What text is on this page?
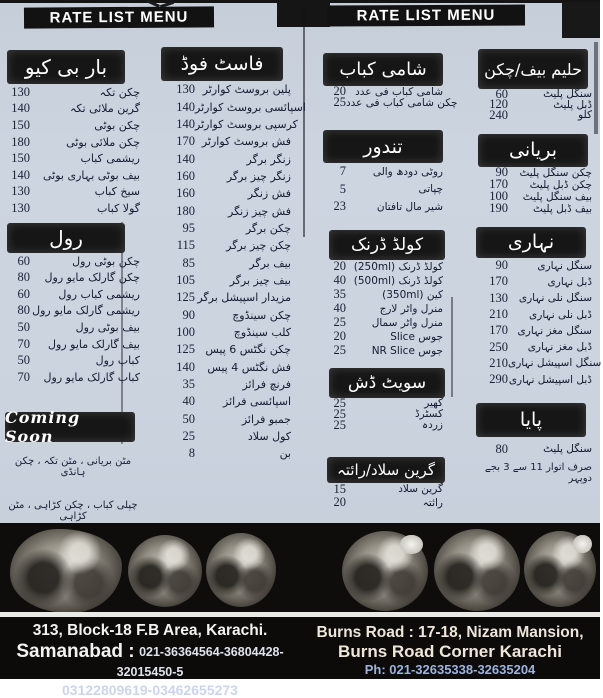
RATE LIST MENU	RATE LIST MENU
بار بی کیو
130	چکن تکہ
140	گرین ملائی تکہ
150	چکن بوٹی
180	چکن ملائی بوٹی
150	ریشمی کباب
140	بیف بوٹی بہاری بوٹی
130	سیخ کباب
130	گولا کباب
رول
60	چکن بوٹی رول
80	چکن گارلک مایو رول
60	ریشمی کباب رول
80 ریشمی گارلک مایو رول
50	بیف بوٹی رول
70	بیف گارلک مایو رول
50	کباب رول
70	کباب گارلک مایو رول
Coming Soon
مٹن بریانی ، مٹن تکہ ، چکن ہانڈی
چپلی کباب ، چکن کڑاہی ، مٹن کڑاہی
فاسٹ فوڈ
130 پلین بروسٹ کوارٹر
140 اسپائسی بروسٹ کوارٹر
140 کرسپی بروسٹ کوارٹر
170 فش بروسٹ کوارٹر
140	زنگر برگر
160	زنگر چیز برگر
160	فش زنگر
180	فش چیز زنگر
95	چکن برگر
115	چکن چیز برگر
85	بیف برگر
105	بیف چیز برگر
125 مزیدار اسپیشل برگر
90	چکن سینڈوچ
100	کلب سینڈوچ
125 چکن نگٹس 6 پیس
140	فش نگٹس 4 پیس
35	فرنچ فرائز
40	اسپائسی فرائز
50	جمبو فرائز
25	کول سلاد
8	بن
شامی کباب
20 شامی کباب فی عدد
25 چکن شامی کباب فی عدد
تندور
7	روٹی دودھ والی
5	چپاتی
23	شیر مال تافتان
کولڈ ڈرنک
20 کولڈ ڈرنک (250ml)
40 کولڈ ڈرنک (500ml)
35	کین (350ml)
40	منرل واٹر لارج
25	منرل واٹر سمال
20	جوس Slice
25	جوس NR Slice
سویٹ ڈش
25	کھیر
25	کسٹرڈ
25	زردہ
گرین سلاد/رائتہ
15	گرین سلاد
20	رائتہ
حلیم بیف/چکن
60	سنگل پلیٹ
120	ڈبل پلیٹ
240	کلو
بریانی
90	چکن سنگل پلیٹ
170	چکن ڈبل پلیٹ
100	بیف سنگل پلیٹ
190	بیف ڈبل پلیٹ
نہاری
90	سنگل نہاری
170	ڈبل نہاری
130	سنگل نلی نہاری
210	ڈبل نلی نہاری
170 سنگل مغز نہاری
250	ڈبل مغز نہاری
210 سنگل اسپیشل نہاری
290 ڈبل اسپیشل نہاری
پایا
80	سنگل پلیٹ
صرف اتوار 11 سے 3 بجے دوپہر
313, Block-18 F.B Area, Karachi.
Samanabad : 021-36364564-36804428-32015450-5
03122809619-03462655273
Burns Road : 17-18, Nizam Mansion,
Burns Road Corner Karachi
Ph: 021-32635338-32635204
